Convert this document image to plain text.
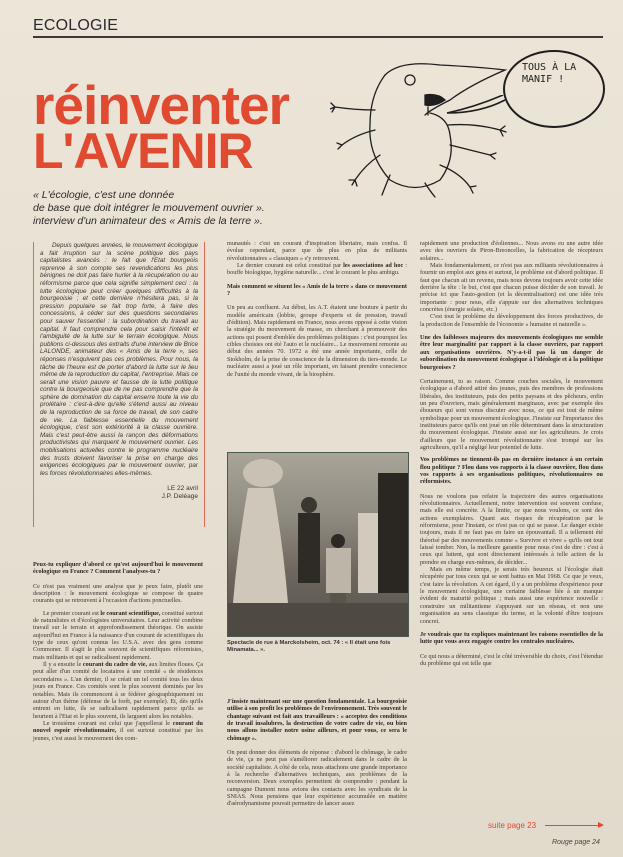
ECOLOGIE
réinventer
L'AVENIR
TOUS À LA MANIF !
« L'écologie, c'est une donnée
de base que doit intégrer le mouvement ouvrier ».
interview d'un animateur des « Amis de la terre ».

Depuis quelques années, le mouvement écologique a fait irruption sur la scène politique des pays capitalistes avancés : le fait que l'Etat bourgeois reprenne à son compte ses revendications les plus bénignes ne doit pas faire hurler à la récupération ou au réformisme parce que cela signifie simplement ceci : la lutte écologique peut créer quelques difficultés à la bourgeoisie ; et cette dernière n'hésitera pas, si la pression populaire se fait trop forte, à faire des concessions, à céder sur des questions secondaires pour sauver l'essentiel : la subordination du travail au capital. Il faut comprendre cela pour saisir l'intérêt et l'ambiguité de la lutte sur le terrain écologique. Nous publions ci-dessous des extraits d'une interview de Brice LALONDE, animateur des « Amis de la terre », ses réponses n'esquivent pas ces problèmes. Pour nous, la tâche de l'heure est de porter d'abord la lutte sur le lieu même de la reproduction du capital, l'entreprise. Mais ce serait une vision pauvre et fausse de la lutte politique contre la bourgeoisie que de ne pas comprendre que la sphère de domination du capital enserre toute la vie du prolétaire : c'est-à-dire qu'elle s'étend aussi au niveau de la reproduction de sa force de travail, de son cadre de vie. La faiblesse essentielle du mouvement écologique, c'est son extériorité à la classe ouvrière. Mais c'est peut-être aussi la rançon des déformations productivistes qui marquent le mouvement ouvrier. Les mobilisations actuelles contre le programme nucléaire des trusts doivent favoriser la prise en charge des exigences écologiques par le mouvement ouvrier, par les forces révolutionnaires elles-mêmes.

LE 22 avril
J.P. Deléage

Peux-tu expliquer d'abord ce qu'est aujourd'hui le mouvement écologique en France ? Comment l'analyses-tu ?

Ce n'est pas vraiment une analyse que je peux faire, plutôt une description : le mouvement écologique se compose de quatre courants qui se retrouvent à l'occasion d'actions ponctuelles.

Le premier courant est le courant scientifique, constitué surtout de naturalistes et d'écologistes universitaires. Leur activité combine travail sur le terrain et approfondissement théorique. On assiste aujourd'hui en France à la naissance d'un courant de scientifiques du type de ceux qu'ont connus les U.S.A. avec des gens comme Commoner. Il s'agit le plus souvent de scientifiques réformistes, mais militants et qui se radicalisent rapidement.

Il y a ensuite le courant du cadre de vie, aux limites floues. Ça peut aller d'un comité de locataires à une comité « de résidences secondaires ». L'an dernier, il se créait un tel comité tous les deux jours en France. Ces comités sont le plus souvent dominés par les notables. Mais ils commencent à se fédérer géographiquement ou autour d'un thème (défense de la forêt, par exemple). Et, dès qu'ils entrent en lutte, ils se radicalisent rapidement parce qu'ils se heurtent à l'Etat et le plus souvent, ils larguent alors les notables.

Le troisième courant est celui que j'appellerai le courant du nouvel espoir révolutionnaire, il est surtout constitué par les jeunes, c'est aussi le mouvement des com-

munautés : c'est un courant d'inspiration libertaire, mais confus. Il évolue cependant, parce que de plus en plus de militants révolutionnaires « classiques » s'y retrouvent.

Le dernier courant est celui constitué par les associations ad hoc : bouffe biologique, hygiène naturelle... c'est le courant le plus ambigu.

Mais comment se situent les « Amis de la terre » dans ce mouvement ?

Un peu au confluent. Au début, les A.T. étaient une bouture à partir du modèle américain (lobbie, groupe d'experts et de pression, travail d'édition). Mais rapidement en France, nous avons opposé à cette vision la stratégie du mouvement de masse, en cherchant à promouvoir des actions qui posent d'emblée des problèmes politiques : c'est pourquoi les cibles choisies ont été l'auto et le nucléaire... Le mouvement remonte au début des années 70. 1972 a été une année importante, celle de Stokholm, de la prise de conscience de la dimension du tiers-monde. Le nucléaire aussi a joué un rôle important, en faisant prendre conscience de l'unité du monde vivant, de la biosphère.

Spectacle de rue à Marckolsheim, oct. 74 : « Il était une fois Minamata... ».

J'insiste maintenant sur une question fondamentale. La bourgeoisie utilise à son profit les problèmes de l'environnement. Très souvent le chantage suivant est fait aux travailleurs : « acceptez des conditions de travail insalubres, la destruction de votre cadre de vie, ou bien nous allons installer notre usine ailleurs, et pour vous, ce sera le chômage ».

On peut donner des éléments de réponse : d'abord le chômage, le cadre de vie, ça ne peut pas s'améliorer radicalement dans le cadre de la société capitaliste. A côté de cela, nous attachons une grande importance à la recherche d'alternatives techniques, aux problèmes de la reconversion. Deux exemples permettent de comprendre : pendant la campagne Dumont nous avions des contacts avec les syndicats de la SNIAS. Nous pensions que leur expérience accumulée en matière d'aérodynamisme pouvait permettre de lancer assez

rapidement une production d'éoliennes... Nous avons eu une autre idée avec des ouvriers de Piron-Breoncelles, la fabrication de récepteurs solaires...

Mais fondamentalement, ce n'est pas aux militants révolutionnaires à fournir un emploi aux gens et surtout, le problème est d'abord politique. Il faut que chacun ait un revenu, mais nous devons toujours avoir cette idée derrière la tête : le but, c'est que chacun puisse décider de son travail. Je précise ici que l'auto-gestion (et la décentralisation) est une idée très importante : pour nous, elle s'appuie sur des alternatives techniques concrètes (énergie solaire, etc.)

C'est tout le problème du développement des forces productives, de la production de l'ensemble de l'économie « humaine et naturelle ».

Une des faiblesses majeures des mouvements écologiques me semble être leur marginalité par rapport à la classe ouvrière, par rapport aux organisations ouvrières. N'y-a-t-il pas là un danger de subordination du mouvement écologique à l'idéologie et à la politique bourgeoises ?

Certainement, tu as raison. Comme couches sociales, le mouvement écologique a d'abord attiré des jeunes, puis des membres de professions libérales, des instituteurs, puis des petits paysans et des pêcheurs, enfin un peu d'ouvriers, mais généralement marginaux, avec par exemple des éboueurs qui sont venus discuter avec nous, ce qui est tout de même symbolique pour un mouvement écologique. J'insiste sur l'importance des instituteurs parce qu'ils ont joué un rôle déterminant dans la structuration du mouvement écologique. J'insiste aussi sur les agriculteurs. Je crois d'ailleurs que le mouvement révolutionnaire s'est trompé sur les agriculteurs, qu'il a négligé leur potentiel de lutte.

Vos problèmes ne tiennent-ils pas en dernière instance à un certain flou politique ? Flou dans vos rapports à la classe ouvrière, flou dans vos rapports à ses organisations politiques, révolutionnaires ou réformistes.

Nous ne voulons pas refaire la trajectoire des autres organisations révolutionnaires. Actuellement, notre intervention est souvent confuse, mais elle est concrète. A la limite, ce que nous voulons, ce sont des actions exemplaires. Quant aux risques de récupération par le réformisme, pour l'instant, ce n'est pas ce qui se passe. Le danger existe toujours, mais il ne faut pas en faire un épouvantail. Il a tellement été théorisé par des mouvements comme « Survivre et vivre » qu'ils ont tout laissé tomber. Non, la meilleure garantie pour nous c'est de dire : c'est à ceux qui luttent, qui sont directement intéressés à telle action de la prendre en charge eux-mêmes, de décider...

Mais en même temps, je serais très heureux si l'écologie était récupérée par tous ceux qui se sont battus en Mai 1968. Ce que je veux, c'est faire la révolution. A cet égard, il y a un problème d'expérience pour le mouvement écologique, une certaine faiblesse liée à un manque évident de maturité politique ; mais aussi une expérience nouvelle : construire un militantisme s'appuyant sur un réseau, et non une organisation au sens classique du terme, et la volonté d'être toujours concret.

Je voudrais que tu expliques maintenant les raisons essentielles de la lutte que vous avez engagée contre les centrales nucléaires.

Ce qui nous a déterminé, c'est le côté irréversible du choix, c'est l'étendue du problème qui est telle que

suite page 23
Rouge page 24
